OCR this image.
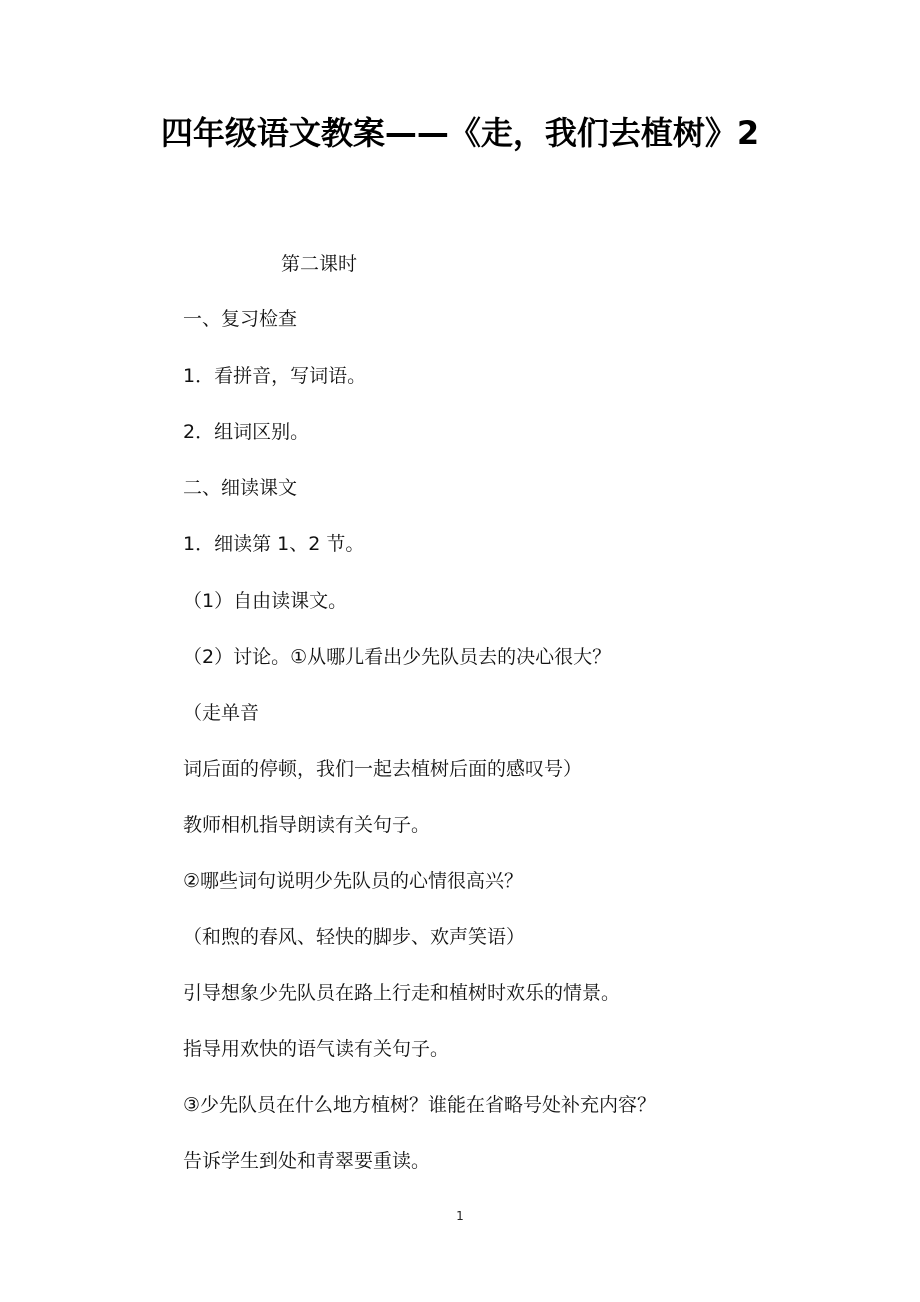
四年级语文教案——《走，我们去植树》2
第二课时
一、复习检查
1．看拼音，写词语。
2．组词区别。
二、细读课文
1．细读第 1、2 节。
（1）自由读课文。
（2）讨论。①从哪儿看出少先队员去的决心很大？
（走单音
词后面的停顿，我们一起去植树后面的感叹号）
教师相机指导朗读有关句子。
②哪些词句说明少先队员的心情很高兴？
（和煦的春风、轻快的脚步、欢声笑语）
引导想象少先队员在路上行走和植树时欢乐的情景。
指导用欢快的语气读有关句子。
③少先队员在什么地方植树？谁能在省略号处补充内容？
告诉学生到处和青翠要重读。
1
